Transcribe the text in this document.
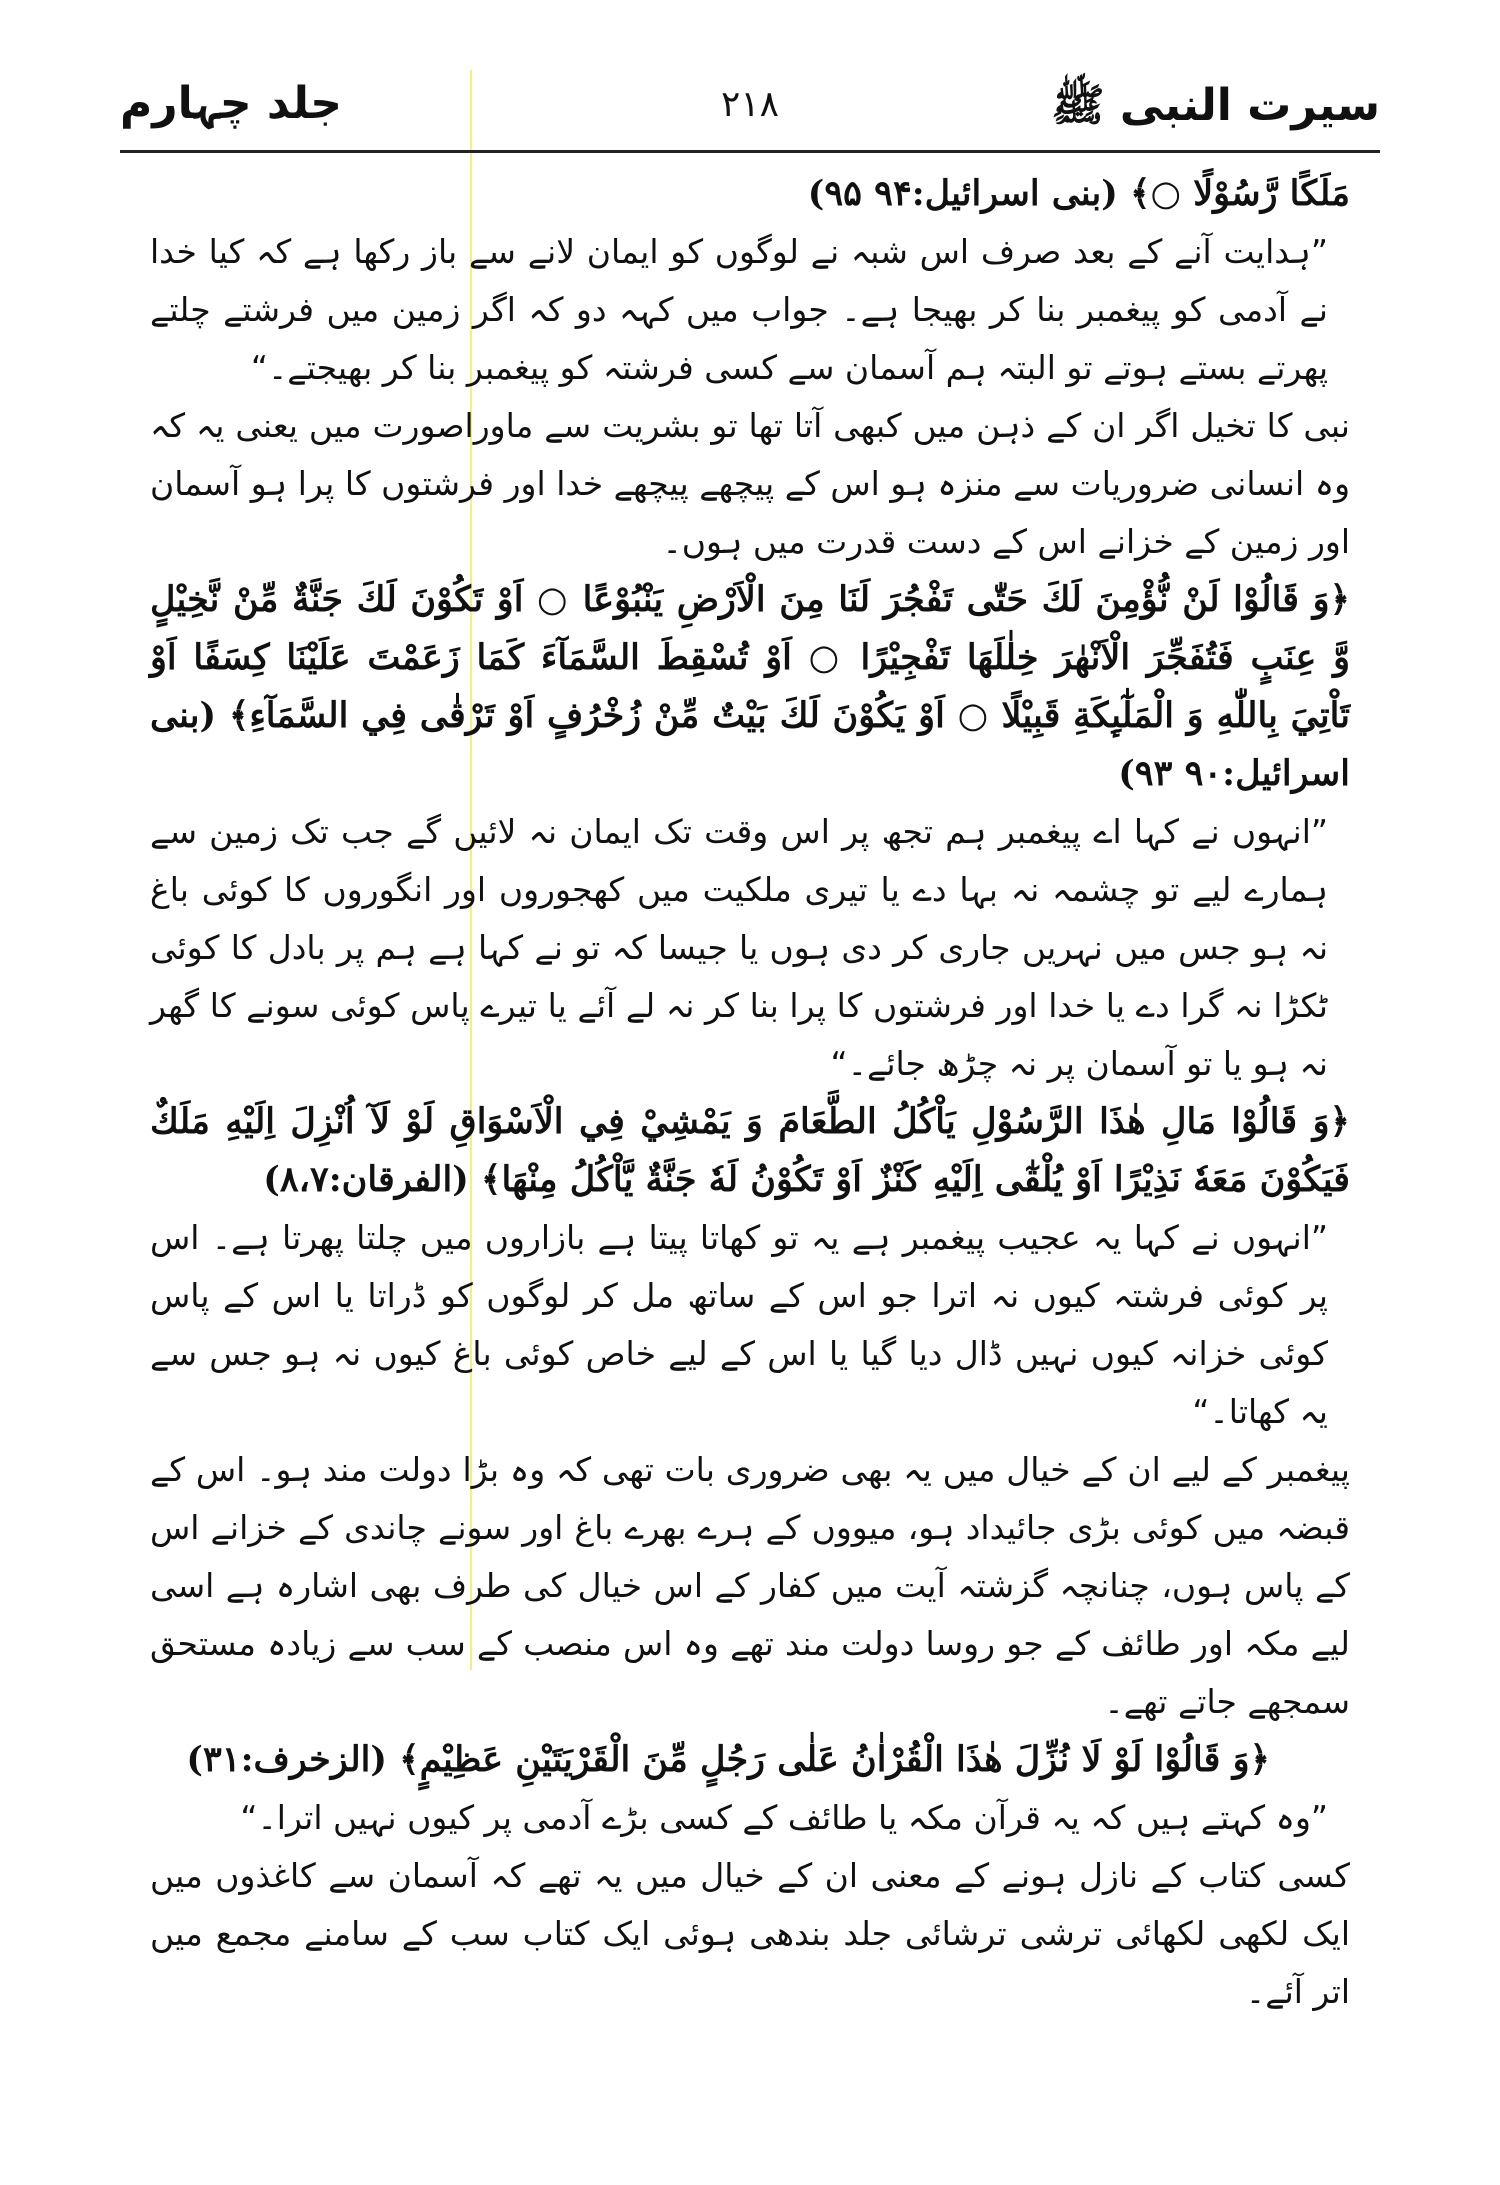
سیرت النبی ﷺ
۲۱۸
جلد چہارم
مَلَكًا رَّسُوْلًا ○﴾ (بنی اسرائیل:۹۴ ۹۵)
”ہدایت آنے کے بعد صرف اس شبہ نے لوگوں کو ایمان لانے سے باز رکھا ہے کہ کیا خدا نے آدمی کو پیغمبر بنا کر بھیجا ہے۔ جواب میں کہہ دو کہ اگر زمین میں فرشتے چلتے پھرتے بستے ہوتے تو البتہ ہم آسمان سے کسی فرشتہ کو پیغمبر بنا کر بھیجتے۔“
نبی کا تخیل اگر ان کے ذہن میں کبھی آتا تھا تو بشریت سے ماوراصورت میں یعنی یہ کہ وہ انسانی ضروریات سے منزہ ہو اس کے پیچھے پیچھے خدا اور فرشتوں کا پرا ہو آسمان اور زمین کے خزانے اس کے دست قدرت میں ہوں۔
﴿وَ قَالُوْا لَنْ نُّؤْمِنَ لَكَ حَتّٰى تَفْجُرَ لَنَا مِنَ الْاَرْضِ يَنْبُوْعًا ○ اَوْ تَكُوْنَ لَكَ جَنَّةٌ مِّنْ نَّخِيْلٍ وَّ عِنَبٍ فَتُفَجِّرَ الْاَنْهٰرَ خِلٰلَهَا تَفْجِيْرًا ○ اَوْ تُسْقِطَ السَّمَآءَ كَمَا زَعَمْتَ عَلَيْنَا كِسَفًا اَوْ تَاْتِيَ بِاللّٰهِ وَ الْمَلٰٓىِٕكَةِ قَبِيْلًا ○ اَوْ يَكُوْنَ لَكَ بَيْتٌ مِّنْ زُخْرُفٍ اَوْ تَرْقٰى فِي السَّمَآءِ﴾ (بنی اسرائیل:۹۰ ۹۳)
”انہوں نے کہا اے پیغمبر ہم تجھ پر اس وقت تک ایمان نہ لائیں گے جب تک زمین سے ہمارے لیے تو چشمہ نہ بہا دے یا تیری ملکیت میں کھجوروں اور انگوروں کا کوئی باغ نہ ہو جس میں نہریں جاری کر دی ہوں یا جیسا کہ تو نے کہا ہے ہم پر بادل کا کوئی ٹکڑا نہ گرا دے یا خدا اور فرشتوں کا پرا بنا کر نہ لے آئے یا تیرے پاس کوئی سونے کا گھر نہ ہو یا تو آسمان پر نہ چڑھ جائے۔“
﴿وَ قَالُوْا مَالِ هٰذَا الرَّسُوْلِ يَاْكُلُ الطَّعَامَ وَ يَمْشِيْ فِي الْاَسْوَاقِ لَوْ لَآ اُنْزِلَ اِلَيْهِ مَلَكٌ فَيَكُوْنَ مَعَهٗ نَذِيْرًا اَوْ يُلْقٰٓى اِلَيْهِ كَنْزٌ اَوْ تَكُوْنُ لَهٗ جَنَّةٌ يَّاْكُلُ مِنْهَا﴾ (الفرقان:۸،۷)
”انہوں نے کہا یہ عجیب پیغمبر ہے یہ تو کھاتا پیتا ہے بازاروں میں چلتا پھرتا ہے۔ اس پر کوئی فرشتہ کیوں نہ اترا جو اس کے ساتھ مل کر لوگوں کو ڈراتا یا اس کے پاس کوئی خزانہ کیوں نہیں ڈال دیا گیا یا اس کے لیے خاص کوئی باغ کیوں نہ ہو جس سے یہ کھاتا۔“
پیغمبر کے لیے ان کے خیال میں یہ بھی ضروری بات تھی کہ وہ بڑا دولت مند ہو۔ اس کے قبضہ میں کوئی بڑی جائیداد ہو، میووں کے ہرے بھرے باغ اور سونے چاندی کے خزانے اس کے پاس ہوں، چنانچہ گزشتہ آیت میں کفار کے اس خیال کی طرف بھی اشارہ ہے اسی لیے مکہ اور طائف کے جو روسا دولت مند تھے وہ اس منصب کے سب سے زیادہ مستحق سمجھے جاتے تھے۔
﴿وَ قَالُوْا لَوْ لَا نُزِّلَ هٰذَا الْقُرْاٰنُ عَلٰى رَجُلٍ مِّنَ الْقَرْيَتَيْنِ عَظِيْمٍ﴾ (الزخرف:۳۱)
”وہ کہتے ہیں کہ یہ قرآن مکہ یا طائف کے کسی بڑے آدمی پر کیوں نہیں اترا۔“
کسی کتاب کے نازل ہونے کے معنی ان کے خیال میں یہ تھے کہ آسمان سے کاغذوں میں ایک لکھی لکھائی ترشی ترشائی جلد بندھی ہوئی ایک کتاب سب کے سامنے مجمع میں اتر آئے۔
